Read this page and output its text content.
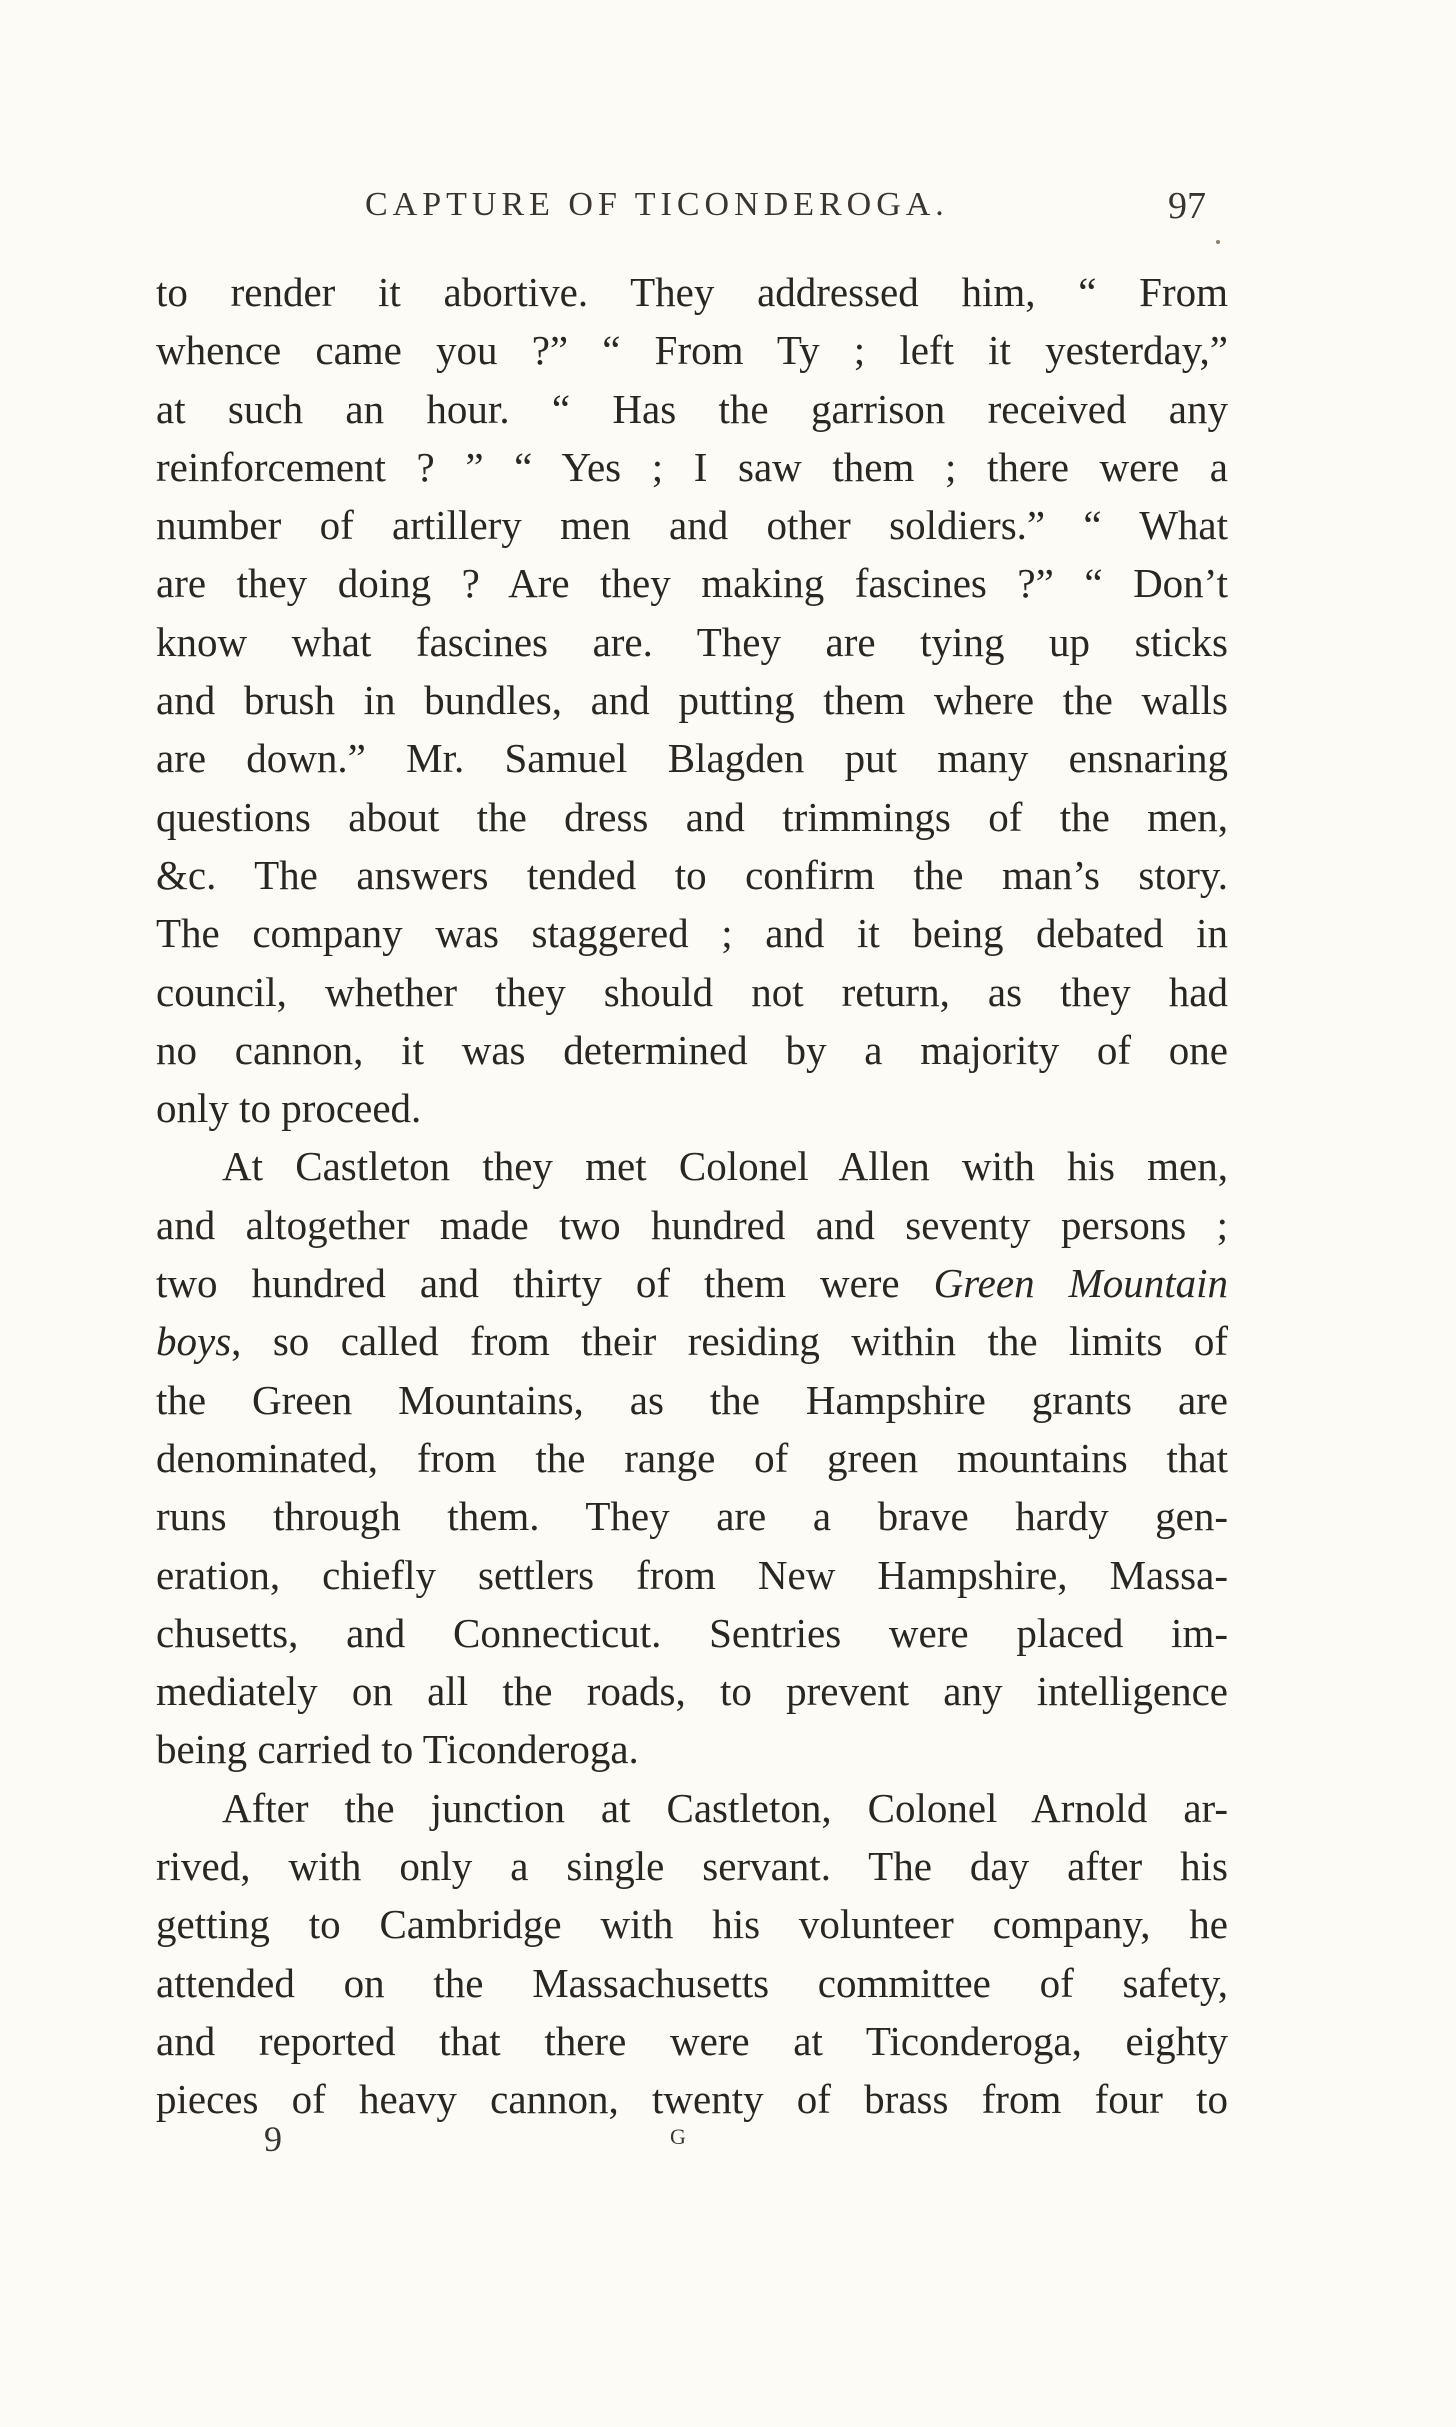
CAPTURE OF TICONDEROGA.	97
to render it abortive. They addressed him, “ From
whence came you ?” “ From Ty ; left it yesterday,”
at such an hour. “ Has the garrison received any
reinforcement ? ” “ Yes ; I saw them ; there were a
number of artillery men and other soldiers.” “ What
are they doing ? Are they making fascines ?” “ Don’t
know what fascines are. They are tying up sticks
and brush in bundles, and putting them where the walls
are down.” Mr. Samuel Blagden put many ensnaring
questions about the dress and trimmings of the men,
&c. The answers tended to confirm the man’s story.
The company was staggered ; and it being debated in
council, whether they should not return, as they had
no cannon, it was determined by a majority of one
only to proceed.
At Castleton they met Colonel Allen with his men,
and altogether made two hundred and seventy persons ;
two hundred and thirty of them were Green Mountain
boys, so called from their residing within the limits of
the Green Mountains, as the Hampshire grants are
denominated, from the range of green mountains that
runs through them. They are a brave hardy gen-
eration, chiefly settlers from New Hampshire, Massa-
chusetts, and Connecticut. Sentries were placed im-
mediately on all the roads, to prevent any intelligence
being carried to Ticonderoga.
After the junction at Castleton, Colonel Arnold ar-
rived, with only a single servant. The day after his
getting to Cambridge with his volunteer company, he
attended on the Massachusetts committee of safety,
and reported that there were at Ticonderoga, eighty
pieces of heavy cannon, twenty of brass from four to
9	G
